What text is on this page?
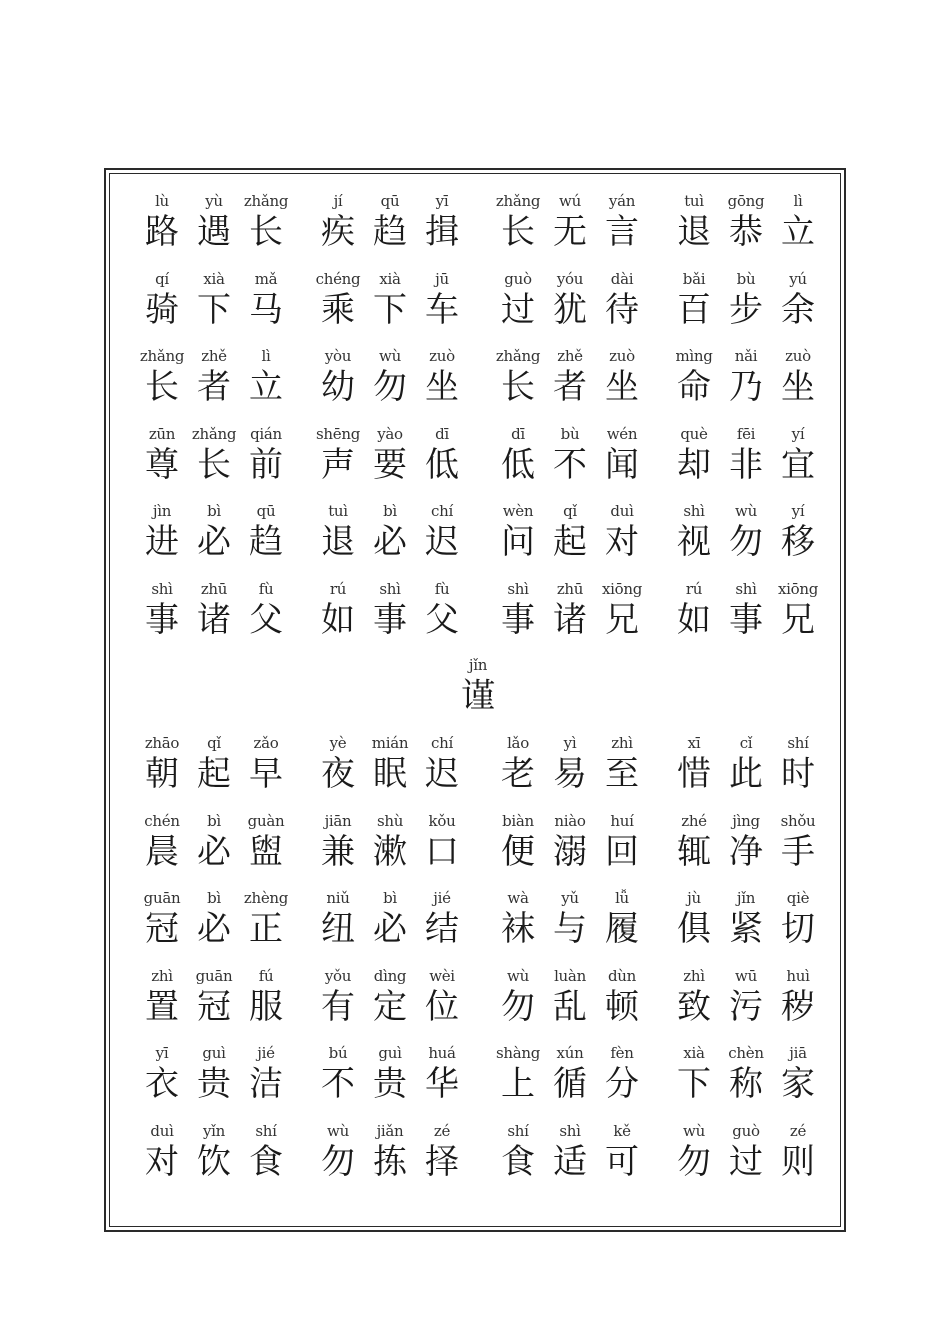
lù
路
yù
遇
zhǎng
长
jí
疾
qū
趋
yī
揖
zhǎng
长
wú
无
yán
言
tuì
退
gōng
恭
lì
立
qí
骑
xià
下
mǎ
马
chéng
乘
xià
下
jū
车
guò
过
yóu
犹
dài
待
bǎi
百
bù
步
yú
余
zhǎng
长
zhě
者
lì
立
yòu
幼
wù
勿
zuò
坐
zhǎng
长
zhě
者
zuò
坐
mìng
命
nǎi
乃
zuò
坐
zūn
尊
zhǎng
长
qián
前
shēng
声
yào
要
dī
低
dī
低
bù
不
wén
闻
què
却
fēi
非
yí
宜
jìn
进
bì
必
qū
趋
tuì
退
bì
必
chí
迟
wèn
问
qǐ
起
duì
对
shì
视
wù
勿
yí
移
shì
事
zhū
诸
fù
父
rú
如
shì
事
fù
父
shì
事
zhū
诸
xiōng
兄
rú
如
shì
事
xiōng
兄
jǐn
谨
zhāo
朝
qǐ
起
zǎo
早
yè
夜
mián
眠
chí
迟
lǎo
老
yì
易
zhì
至
xī
惜
cǐ
此
shí
时
chén
晨
bì
必
guàn
盥
jiān
兼
shù
漱
kǒu
口
biàn
便
niào
溺
huí
回
zhé
辄
jìng
净
shǒu
手
guān
冠
bì
必
zhèng
正
niǔ
纽
bì
必
jié
结
wà
袜
yǔ
与
lǚ
履
jù
俱
jǐn
紧
qiè
切
zhì
置
guān
冠
fú
服
yǒu
有
dìng
定
wèi
位
wù
勿
luàn
乱
dùn
顿
zhì
致
wū
污
huì
秽
yī
衣
guì
贵
jié
洁
bú
不
guì
贵
huá
华
shàng
上
xún
循
fèn
分
xià
下
chèn
称
jiā
家
duì
对
yǐn
饮
shí
食
wù
勿
jiǎn
拣
zé
择
shí
食
shì
适
kě
可
wù
勿
guò
过
zé
则
